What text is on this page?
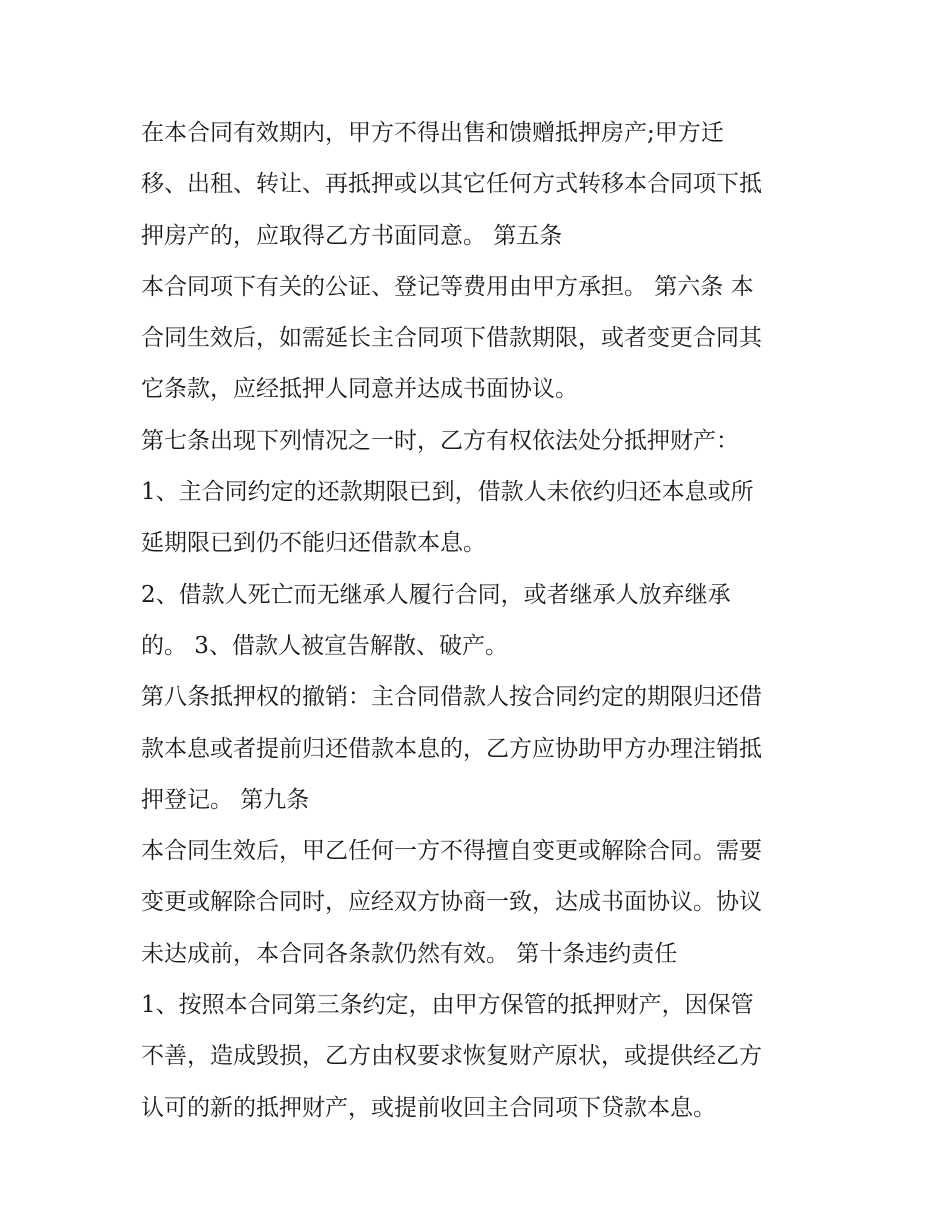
在本合同有效期内，甲方不得出售和馈赠抵押房产;甲方迁
移、出租、转让、再抵押或以其它任何方式转移本合同项下抵
押房产的，应取得乙方书面同意。 第五条
本合同项下有关的公证、登记等费用由甲方承担。 第六条 本
合同生效后，如需延长主合同项下借款期限，或者变更合同其
它条款，应经抵押人同意并达成书面协议。
第七条出现下列情况之一时，乙方有权依法处分抵押财产：
1、主合同约定的还款期限已到，借款人未依约归还本息或所
延期限已到仍不能归还借款本息。
2、借款人死亡而无继承人履行合同，或者继承人放弃继承
的。 3、借款人被宣告解散、破产。
第八条抵押权的撤销：主合同借款人按合同约定的期限归还借
款本息或者提前归还借款本息的，乙方应协助甲方办理注销抵
押登记。 第九条
本合同生效后，甲乙任何一方不得擅自变更或解除合同。需要
变更或解除合同时，应经双方协商一致，达成书面协议。协议
未达成前，本合同各条款仍然有效。 第十条违约责任
1、按照本合同第三条约定，由甲方保管的抵押财产，因保管
不善，造成毁损，乙方由权要求恢复财产原状，或提供经乙方
认可的新的抵押财产，或提前收回主合同项下贷款本息。
